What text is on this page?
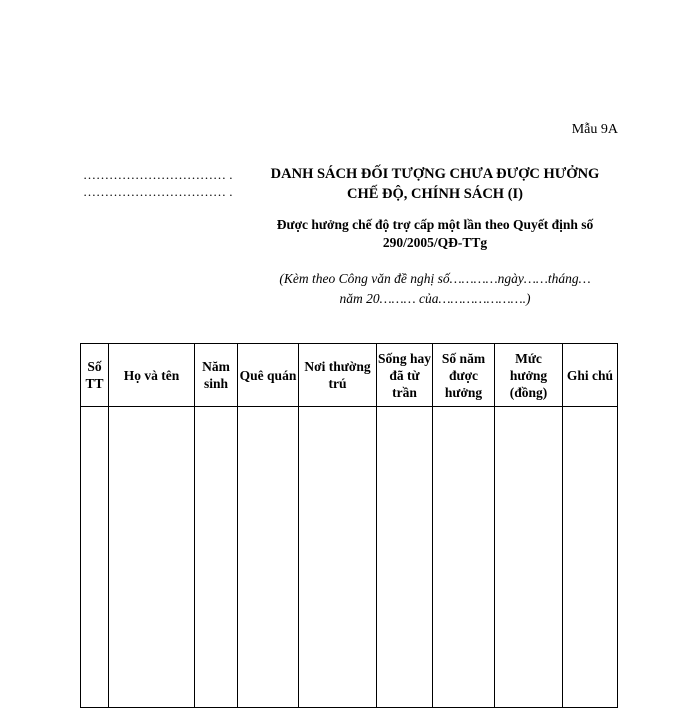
Mẫu 9A
…………………………… .
…………………………… .
DANH SÁCH ĐỐI TƯỢNG CHƯA ĐƯỢC HƯỞNG
CHẾ ĐỘ, CHÍNH SÁCH (I)
Được hưởng chế độ trợ cấp một lần theo Quyết định số
290/2005/QĐ-TTg
(Kèm theo Công văn đề nghị số…………ngày……tháng…
năm 20……… của………………….)
Số TT	Họ và tên	Năm sinh	Quê quán	Nơi thường trú	Sống hay đã từ trần	Số năm được hưởng	Mức hưởng (đồng)	Ghi chú
